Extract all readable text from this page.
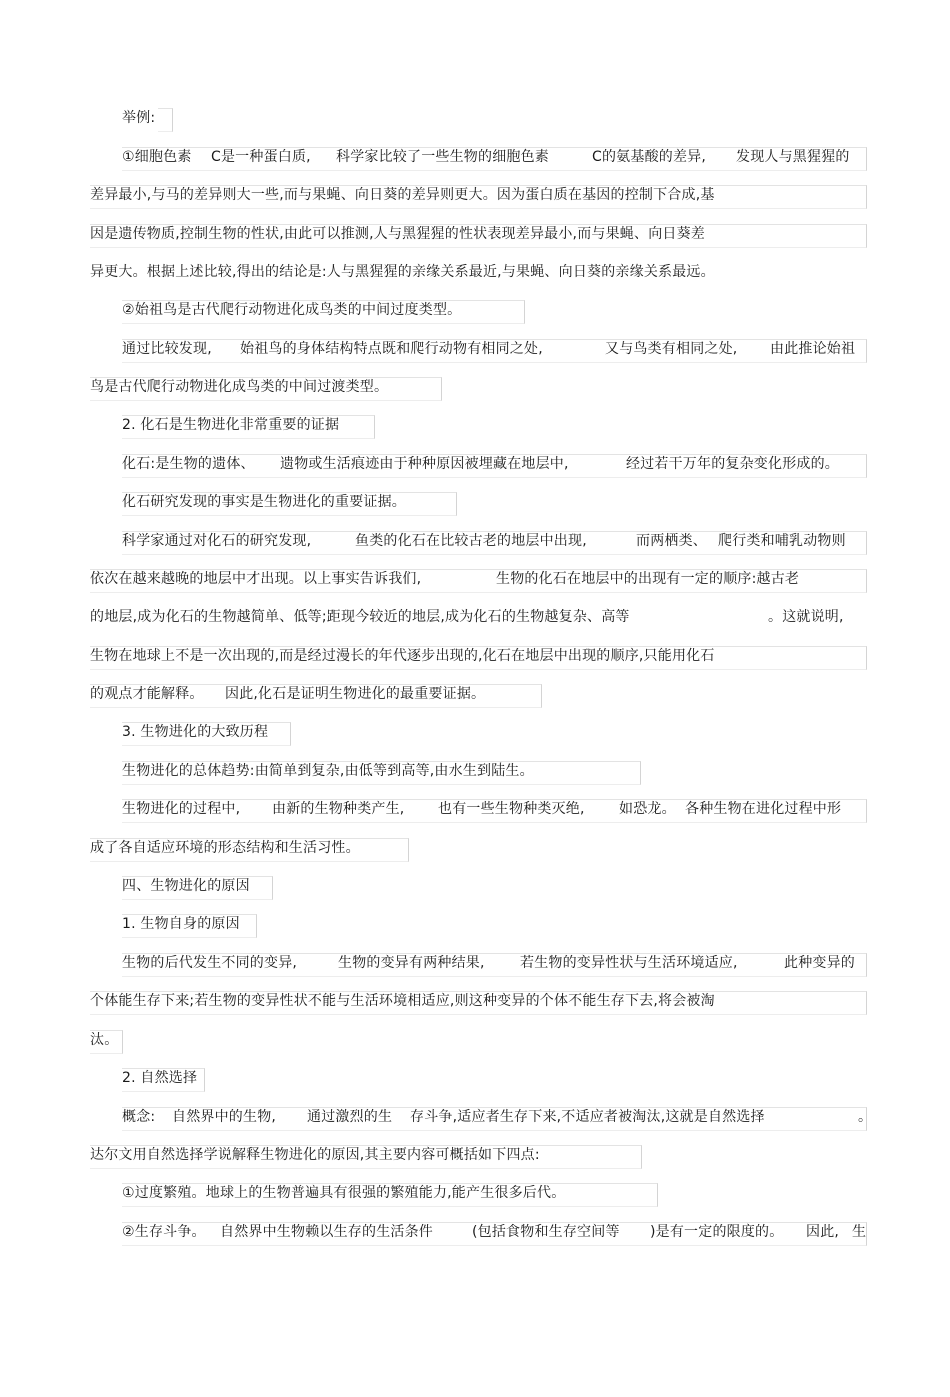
举例:

①细胞色素

C是一种蛋白质,

科学家比较了一些生物的细胞色素

	C的氨基酸的差异,

发现人与黑猩猩的

差异最小,与马的差异则大一些,而与果蝇、向日葵的差异则更大。因为蛋白质在基因的控制下合成,基

因是遗传物质,控制生物的性状,由此可以推测,人与黑猩猩的性状表现差异最小,而与果蝇、向日葵差

异更大。根据上述比较,得出的结论是:人与黑猩猩的亲缘关系最近,与果蝇、向日葵的亲缘关系最远。

②始祖鸟是古代爬行动物进化成鸟类的中间过度类型。

通过比较发现,

始祖鸟的身体结构特点既和爬行动物有相同之处,

	又与鸟类有相同之处,

由此推论始祖

鸟是古代爬行动物进化成鸟类的中间过渡类型。

2. 化石是生物进化非常重要的证据

化石:是生物的遗体、

遗物或生活痕迹由于种种原因被埋藏在地层中,

	经过若干万年的复杂变化形成的。

化石研究发现的事实是生物进化的重要证据。

科学家通过对化石的研究发现,

	鱼类的化石在比较古老的地层中出现,

	而两栖类、

爬行类和哺乳动物则

依次在越来越晚的地层中才出现。以上事实告诉我们,

	生物的化石在地层中的出现有一定的顺序:越古老

的地层,成为化石的生物越简单、低等;距现今较近的地层,成为化石的生物越复杂、高等

	。这就说明,

生物在地球上不是一次出现的,而是经过漫长的年代逐步出现的,化石在地层中出现的顺序,只能用化石

的观点才能解释。

因此,化石是证明生物进化的最重要证据。

3. 生物进化的大致历程

生物进化的总体趋势:由简单到复杂,由低等到高等,由水生到陆生。

生物进化的过程中,

由新的生物种类产生,

也有一些生物种类灭绝,

如恐龙。

各种生物在进化过程中形

成了各自适应环境的形态结构和生活习性。

四、生物进化的原因

1. 生物自身的原因

生物的后代发生不同的变异,

	生物的变异有两种结果,

	若生物的变异性状与生活环境适应,

	此种变异的

个体能生存下来;若生物的变异性状不能与生活环境相适应,则这种变异的个体不能生存下去,将会被淘

汰。

2. 自然选择

概念:

自然界中的生物,

通过激烈的生

存斗争,适应者生存下来,不适应者被淘汰,这就是自然选择

	。

达尔文用自然选择学说解释生物进化的原因,其主要内容可概括如下四点:

①过度繁殖。地球上的生物普遍具有很强的繁殖能力,能产生很多后代。

②生存斗争。

自然界中生物赖以生存的生活条件

	(包括食物和生存空间等

)是有一定的限度的。

因此,

生
